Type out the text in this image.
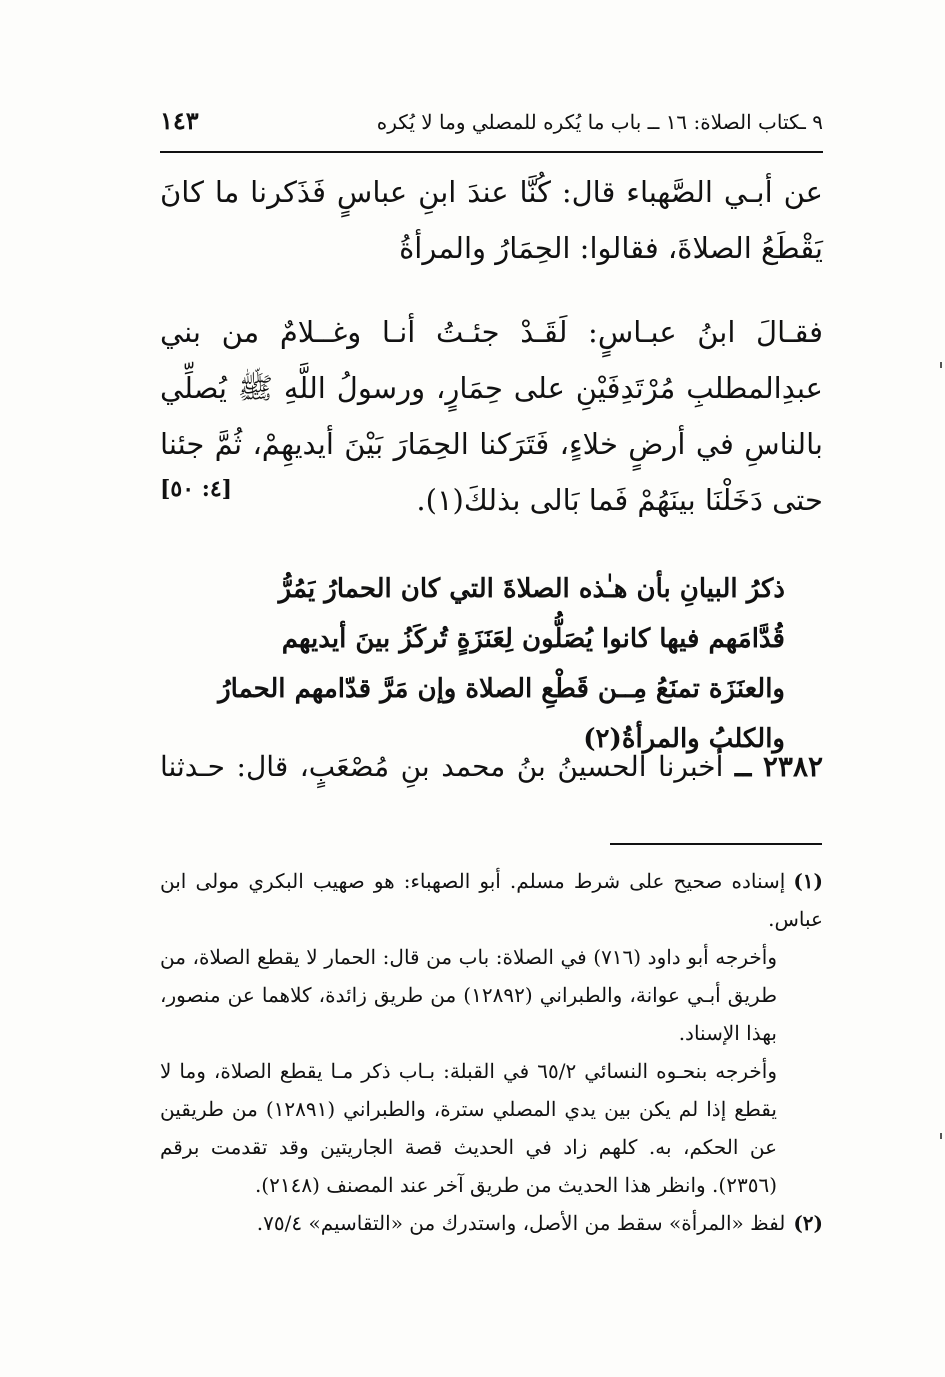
٩ ـكتاب الصلاة: ١٦ ــ باب ما يُكره للمصلي وما لا يُكره
١٤٣
عن أبـي الصَّهباء قال: كُنَّا عندَ ابنِ عباسٍ فَذَكرنا ما كانَ يَقْطَعُ الصلاةَ، فقالوا: الحِمَارُ والمرأةُ
فقـالَ ابنُ عبـاسٍ: لَقَـدْ جئـتُ أنـا وغــلامٌ من بني عبدِالمطلبِ مُرْتَدِفَيْنِ على حِمَارٍ، ورسولُ اللَّهِ ﷺ يُصلِّي بالناسِ في أرضٍ خلاءٍ، فَتَرَكنا الحِمَارَ بَيْنَ أيديهِمْ، ثُمَّ جئنا حتى دَخَلْنَا بينَهُمْ فَما بَالى بذلكَ(١).
[٤: ٥٠]
ذكرُ البيانِ بأن هـٰذه الصلاةَ التي كان الحمارُ يَمُرُّ قُدَّامَهم فيها كانوا يُصَلُّون لِعَنَزَةٍ تُركَزُ بينَ أيديهم والعنَزَة تمنَعُ مِــن قَطْعِ الصلاة وإن مَرَّ قدّامهم الحمارُ والكلبُ والمرأةُ(٢)
٢٣٨٢ ــ أخبرنا الحسينُ بنُ محمد بنِ مُصْعَبٍ، قال: حـدثنا

(١)إسناده صحيح على شرط مسلم. أبو الصهباء: هو صهيب البكري مولى ابن عباس.

وأخرجه أبو داود (٧١٦) في الصلاة: باب من قال: الحمار لا يقطع الصلاة، من طريق أبـي عوانة، والطبراني (١٢٨٩٢) من طريق زائدة، كلاهما عن منصور، بهذا الإسناد.

وأخرجه بنحـوه النسائي ٦٥/٢ في القبلة: بـاب ذكر مـا يقطع الصلاة، وما لا يقطع إذا لم يكن بين يدي المصلي سترة، والطبراني (١٢٨٩١) من طريقين عن الحكم، به. كلهم زاد في الحديث قصة الجاريتين وقد تقدمت برقم (٢٣٥٦). وانظر هذا الحديث من طريق آخر عند المصنف (٢١٤٨).

(٢)لفظ «المرأة» سقط من الأصل، واستدرك من «التقاسيم» ٧٥/٤.
